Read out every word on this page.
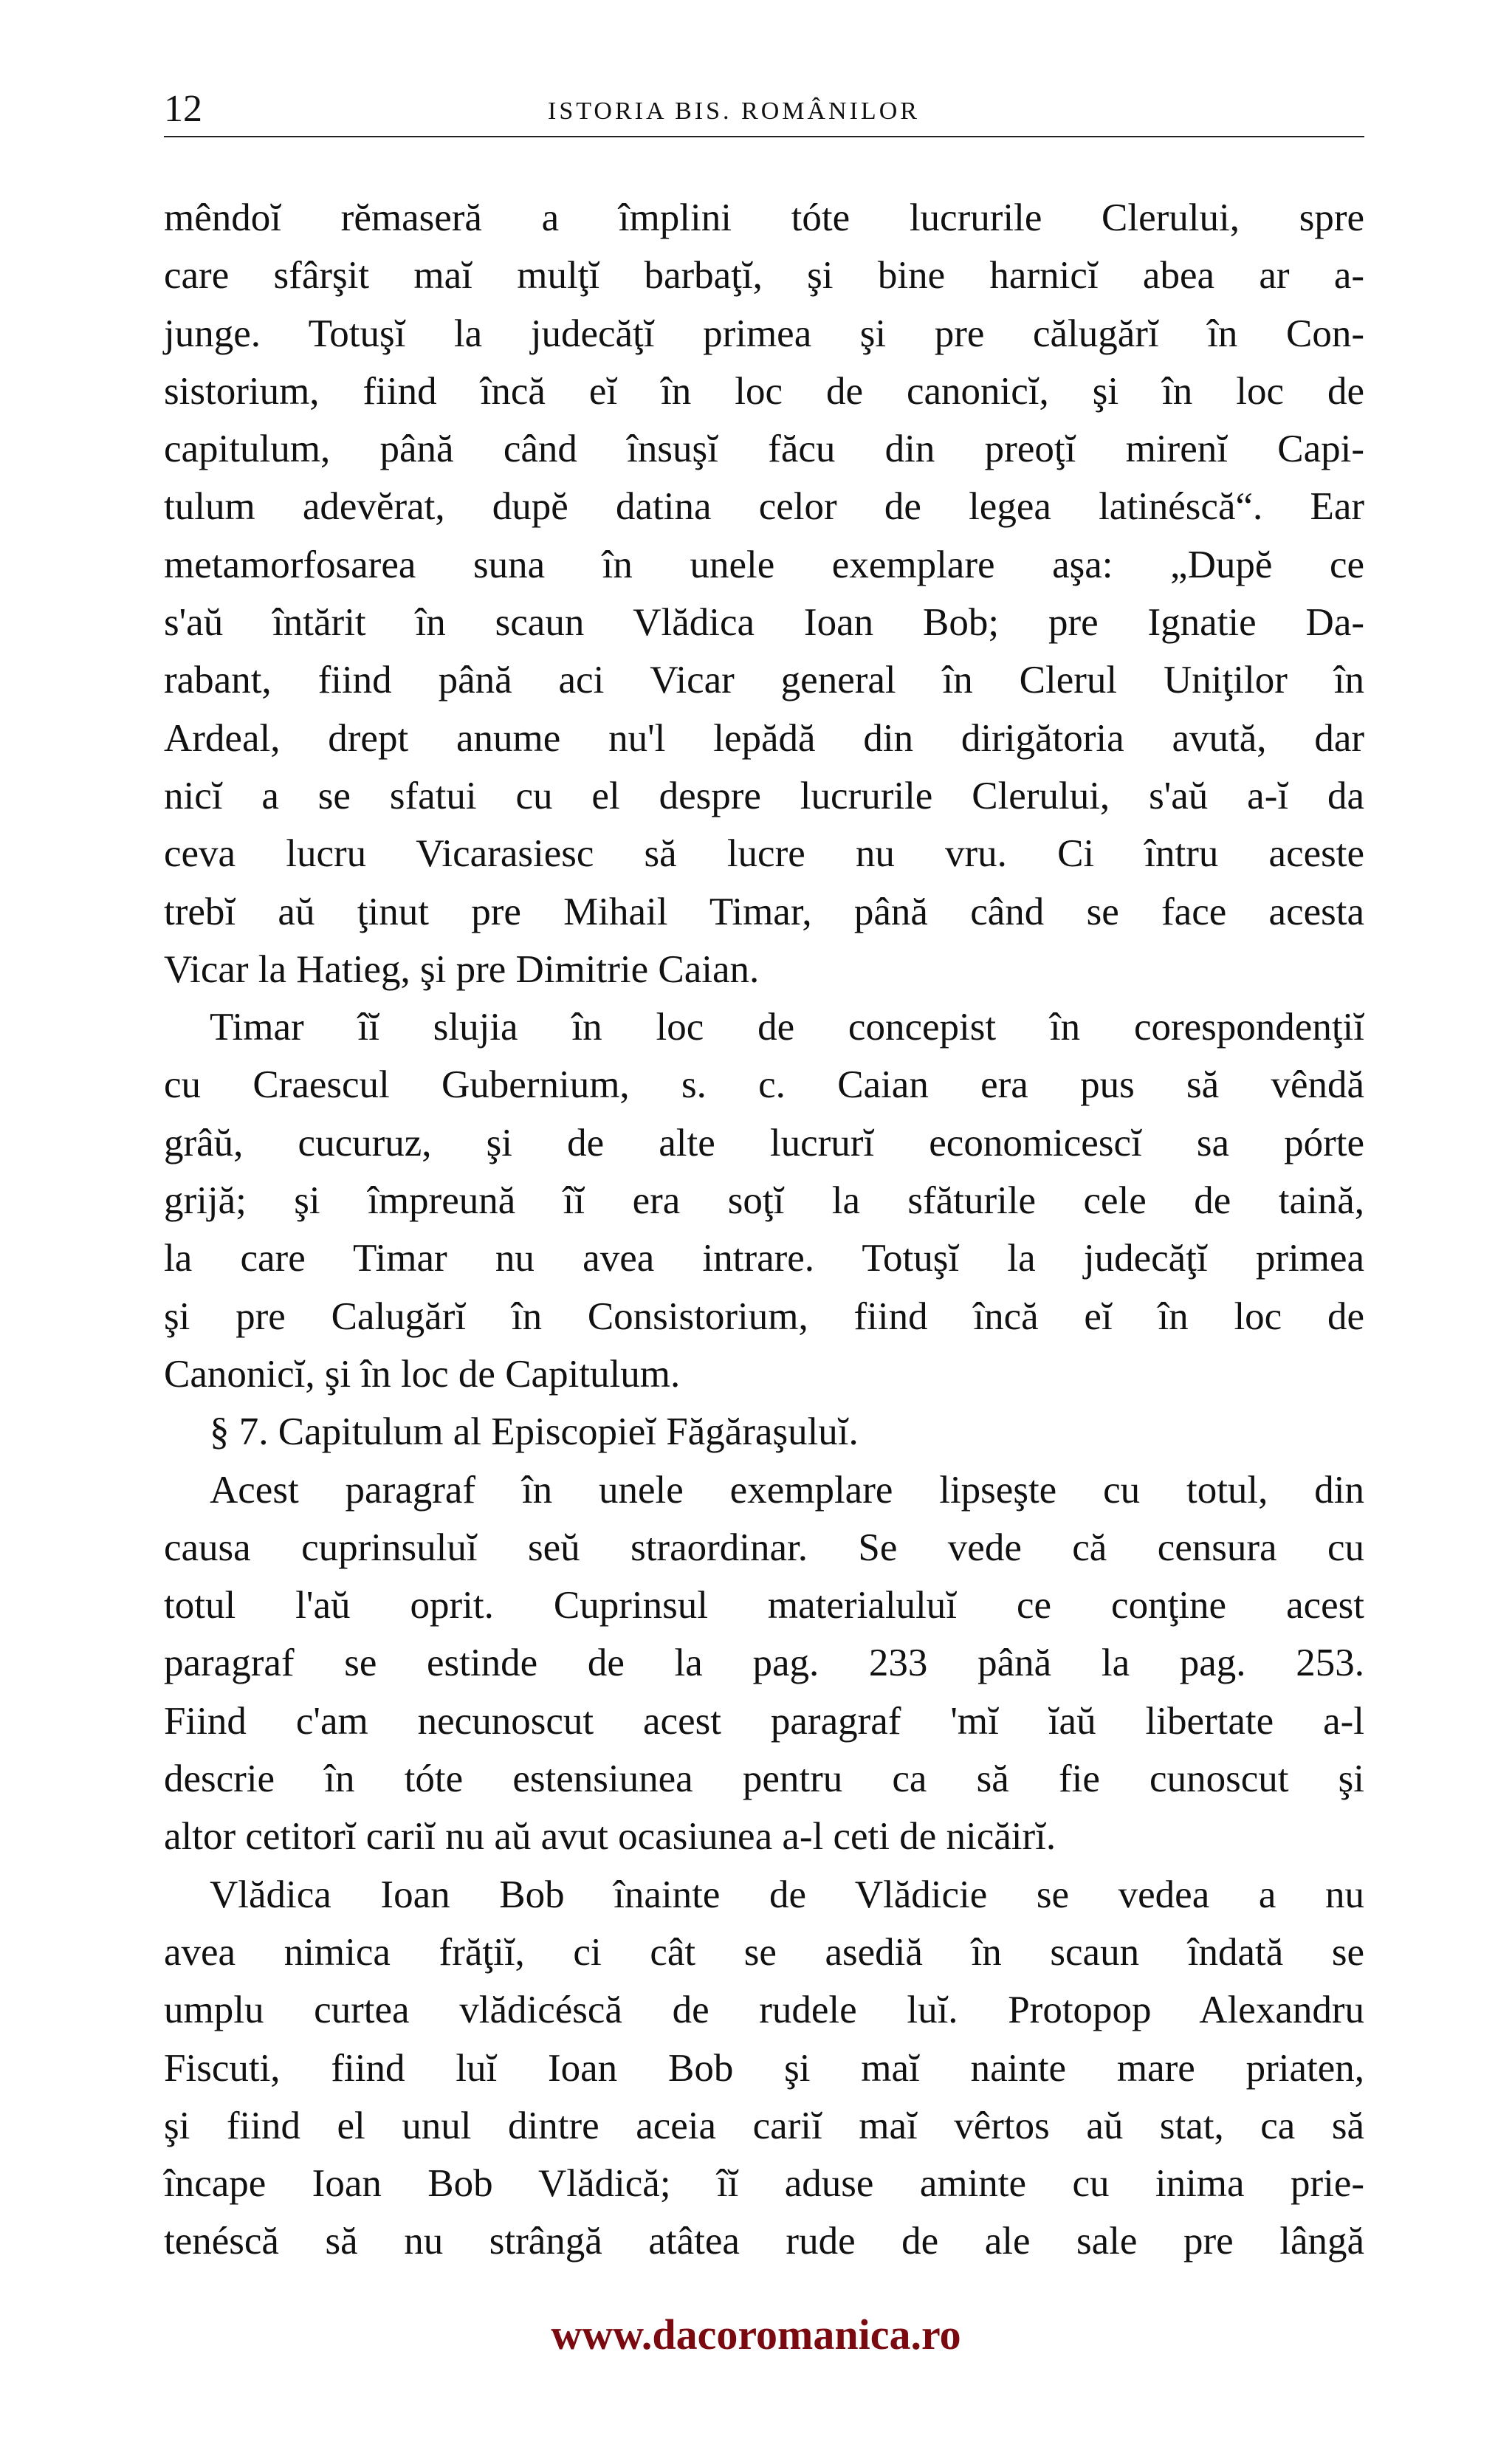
12	ISTORIA BIS. ROMÂNILOR
mêndoĭ rĕmaseră a împlini tóte lucrurile Clerului, spre
care sfârşit maĭ mulţĭ barbaţĭ, şi bine harnicĭ abea ar a-
junge. Totuşĭ la judecăţĭ primea şi pre călugărĭ în Con-
sistorium, fiind încă eĭ în loc de canonicĭ, şi în loc de
capitulum, până când însuşĭ făcu din preoţĭ mirenĭ Capi-
tulum adevĕrat, dupĕ datina celor de legea latinéscă“. Ear
metamorfosarea suna în unele exemplare aşa: „Dupĕ ce
s'aŭ întărit în scaun Vlădica Ioan Bob; pre Ignatie Da-
rabant, fiind până aci Vicar general în Clerul Uniţilor în
Ardeal, drept anume nu'l lepădă din dirigătoria avută, dar
nicĭ a se sfatui cu el despre lucrurile Clerului, s'aŭ a-ĭ da
ceva lucru Vicarasiesc să lucre nu vru. Ci întru aceste
trebĭ aŭ ţinut pre Mihail Timar, până când se face acesta
Vicar la Hatieg, şi pre Dimitrie Caian.
Timar îĭ slujia în loc de concepist în corespondenţiĭ
cu Craescul Gubernium, s. c. Caian era pus să vêndă
grâŭ, cucuruz, şi de alte lucrurĭ economicescĭ sa pórte
grijă; şi împreună îĭ era soţĭ la sfăturile cele de taină,
la care Timar nu avea intrare. Totuşĭ la judecăţĭ primea
şi pre Calugărĭ în Consistorium, fiind încă eĭ în loc de
Canonicĭ, şi în loc de Capitulum.
§ 7. Capitulum al Episcopieĭ Făgăraşuluĭ.
Acest paragraf în unele exemplare lipseşte cu totul, din
causa cuprinsuluĭ seŭ straordinar. Se vede că censura cu
totul l'aŭ oprit. Cuprinsul materialuluĭ ce conţine acest
paragraf se estinde de la pag. 233 până la pag. 253.
Fiind c'am necunoscut acest paragraf 'mĭ ĭaŭ libertate a-l
descrie în tóte estensiunea pentru ca să fie cunoscut şi
altor cetitorĭ cariĭ nu aŭ avut ocasiunea a-l ceti de nicăirĭ.
Vlădica Ioan Bob înainte de Vlădicie se vedea a nu
avea nimica frăţiĭ, ci cât se asediă în scaun îndată se
umplu curtea vlădicéscă de rudele luĭ. Protopop Alexandru
Fiscuti, fiind luĭ Ioan Bob şi maĭ nainte mare priaten,
şi fiind el unul dintre aceia cariĭ maĭ vêrtos aŭ stat, ca să
încape Ioan Bob Vlădică; îĭ aduse aminte cu inima prie-
tenéscă să nu strângă atâtea rude de ale sale pre lângă
www.dacoromanica.ro
